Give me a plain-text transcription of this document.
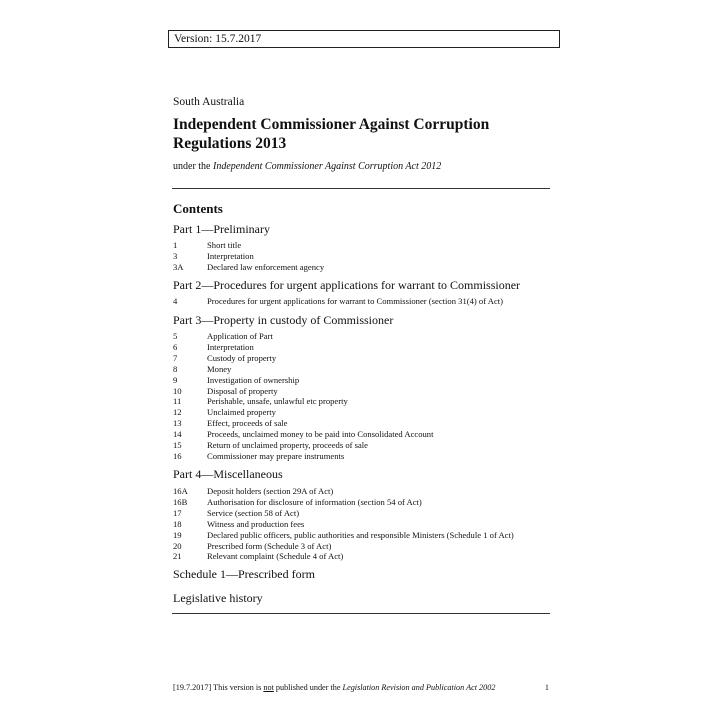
Version: 15.7.2017
South Australia
Independent Commissioner Against Corruption Regulations 2013
under the Independent Commissioner Against Corruption Act 2012
Contents
Part 1—Preliminary
1	Short title
3	Interpretation
3A	Declared law enforcement agency
Part 2—Procedures for urgent applications for warrant to Commissioner
4	Procedures for urgent applications for warrant to Commissioner (section 31(4) of Act)
Part 3—Property in custody of Commissioner
5	Application of Part
6	Interpretation
7	Custody of property
8	Money
9	Investigation of ownership
10	Disposal of property
11	Perishable, unsafe, unlawful etc property
12	Unclaimed property
13	Effect, proceeds of sale
14	Proceeds, unclaimed money to be paid into Consolidated Account
15	Return of unclaimed property, proceeds of sale
16	Commissioner may prepare instruments
Part 4—Miscellaneous
16A	Deposit holders (section 29A of Act)
16B	Authorisation for disclosure of information (section 54 of Act)
17	Service (section 58 of Act)
18	Witness and production fees
19	Declared public officers, public authorities and responsible Ministers (Schedule 1 of Act)
20	Prescribed form (Schedule 3 of Act)
21	Relevant complaint (Schedule 4 of Act)
Schedule 1—Prescribed form
Legislative history
[19.7.2017] This version is not published under the Legislation Revision and Publication Act 2002	1
